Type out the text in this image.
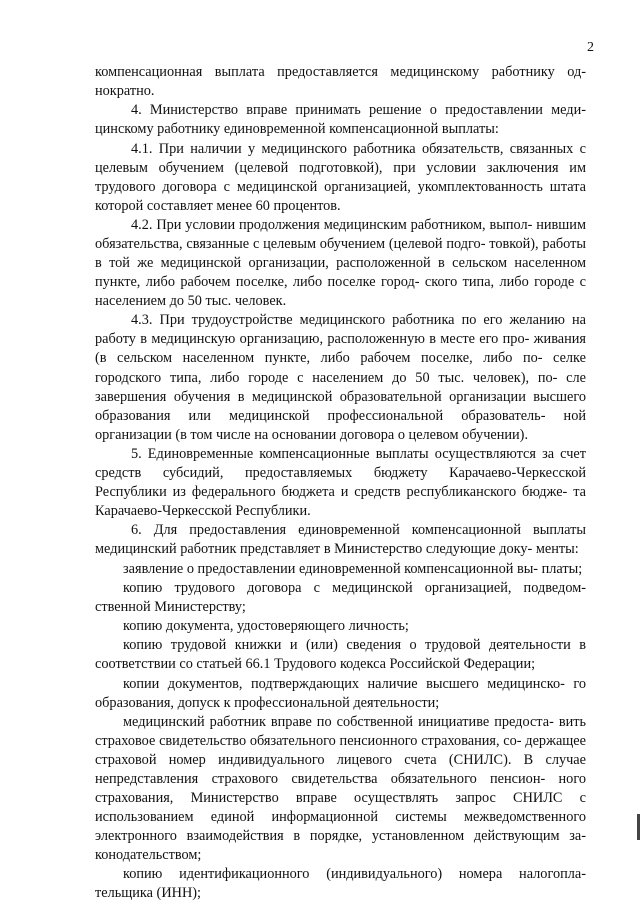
2

компенсационная выплата предоставляется медицинскому работнику од- нократно.

4. Министерство вправе принимать решение о предоставлении меди- цинскому работнику единовременной компенсационной выплаты:

4.1. При наличии у медицинского работника обязательств, связанных с целевым обучением (целевой подготовкой), при условии заключения им трудового договора с медицинской организацией, укомплектованность штата которой составляет менее 60 процентов.

4.2. При условии продолжения медицинским работником, выпол- нившим обязательства, связанные с целевым обучением (целевой подго- товкой), работы в той же медицинской организации, расположенной в сельском населенном пункте, либо рабочем поселке, либо поселке город- ского типа, либо городе с населением до 50 тыс. человек.

4.3. При трудоустройстве медицинского работника по его желанию на работу в медицинскую организацию, расположенную в месте его про- живания (в сельском населенном пункте, либо рабочем поселке, либо по- селке городского типа, либо городе с населением до 50 тыс. человек), по- сле завершения обучения в медицинской образовательной организации высшего образования или медицинской профессиональной образователь- ной организации (в том числе на основании договора о целевом обучении).

5. Единовременные компенсационные выплаты осуществляются за счет средств субсидий, предоставляемых бюджету Карачаево-Черкесской Республики из федерального бюджета и средств республиканского бюдже- та Карачаево-Черкесской Республики.

6. Для предоставления единовременной компенсационной выплаты медицинский работник представляет в Министерство следующие доку- менты:

заявление о предоставлении единовременной компенсационной вы- платы;

копию трудового договора с медицинской организацией, подведом- ственной Министерству;

копию документа, удостоверяющего личность;

копию трудовой книжки и (или) сведения о трудовой деятельности в соответствии со статьей 66.1 Трудового кодекса Российской Федерации;

копии документов, подтверждающих наличие высшего медицинско- го образования, допуск к профессиональной деятельности;

медицинский работник вправе по собственной инициативе предоста- вить страховое свидетельство обязательного пенсионного страхования, со- держащее страховой номер индивидуального лицевого счета (СНИЛС). В случае непредставления страхового свидетельства обязательного пенсион- ного страхования, Министерство вправе осуществлять запрос СНИЛС с использованием единой информационной системы межведомственного электронного взаимодействия в порядке, установленном действующим за- конодательством;

копию идентификационного (индивидуального) номера налогопла- тельщика (ИНН);
